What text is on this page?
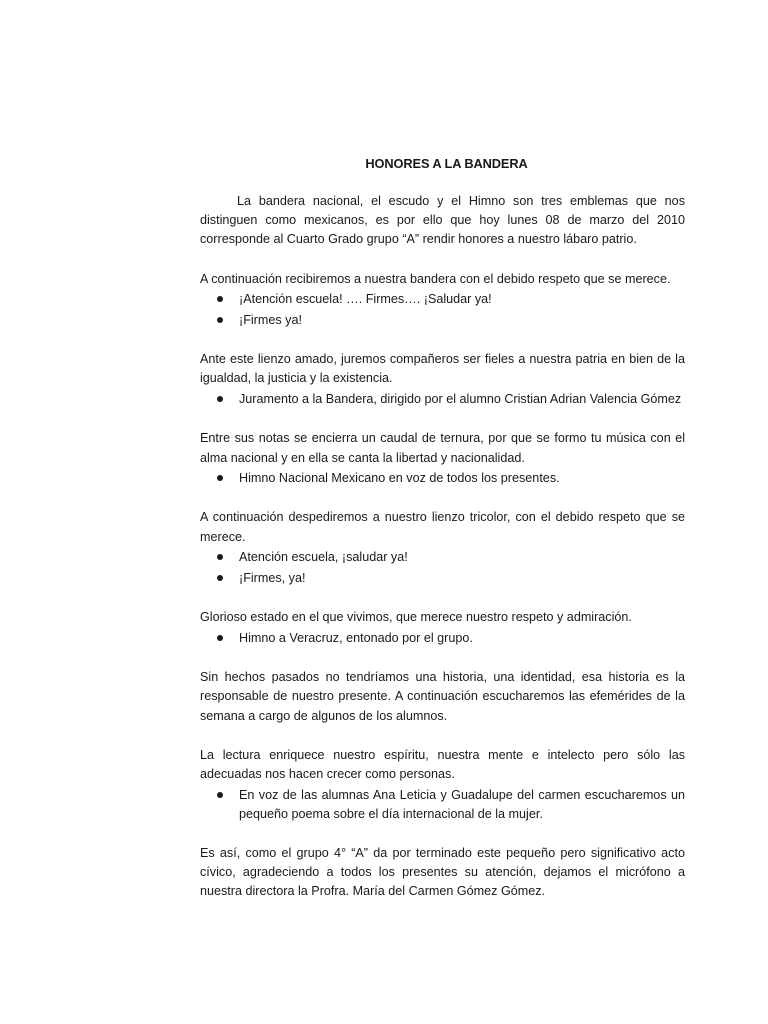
HONORES A LA BANDERA

La bandera nacional, el escudo y el Himno son tres emblemas que nos distinguen como mexicanos, es por ello que hoy lunes 08 de marzo del 2010 corresponde al Cuarto Grado grupo “A” rendir honores a nuestro lábaro patrio.

A continuación recibiremos a nuestra bandera con el debido respeto que se merece.

¡Atención escuela! …. Firmes…. ¡Saludar ya!
¡Firmes ya!

Ante este lienzo amado, juremos compañeros ser fieles a nuestra patria en bien de la igualdad, la justicia y la existencia.

Juramento a la Bandera, dirigido por el alumno Cristian Adrian Valencia Gómez

Entre sus notas se encierra un caudal de ternura, por que se formo tu música con el alma nacional y en ella se canta la libertad y nacionalidad.

Himno Nacional Mexicano en voz de todos los presentes.

A continuación despediremos a nuestro lienzo tricolor, con el debido respeto que se merece.

Atención escuela, ¡saludar ya!
¡Firmes, ya!

Glorioso estado en el que vivimos, que merece nuestro respeto y admiración.

Himno a Veracruz, entonado por el grupo.

Sin hechos pasados no tendríamos una historia, una identidad, esa historia es la responsable de nuestro presente. A continuación escucharemos las efemérides de la semana a cargo de algunos de los alumnos.

La lectura enriquece nuestro espíritu, nuestra mente e intelecto pero sólo las adecuadas nos hacen crecer como personas.

En voz de las alumnas Ana Leticia y Guadalupe del carmen escucharemos un pequeño poema sobre el día internacional de la mujer.

Es así, como el grupo 4° “A” da por terminado este pequeño pero significativo acto cívico, agradeciendo a todos los presentes su atención, dejamos el micrófono a nuestra directora la Profra. María del Carmen Gómez Gómez.
